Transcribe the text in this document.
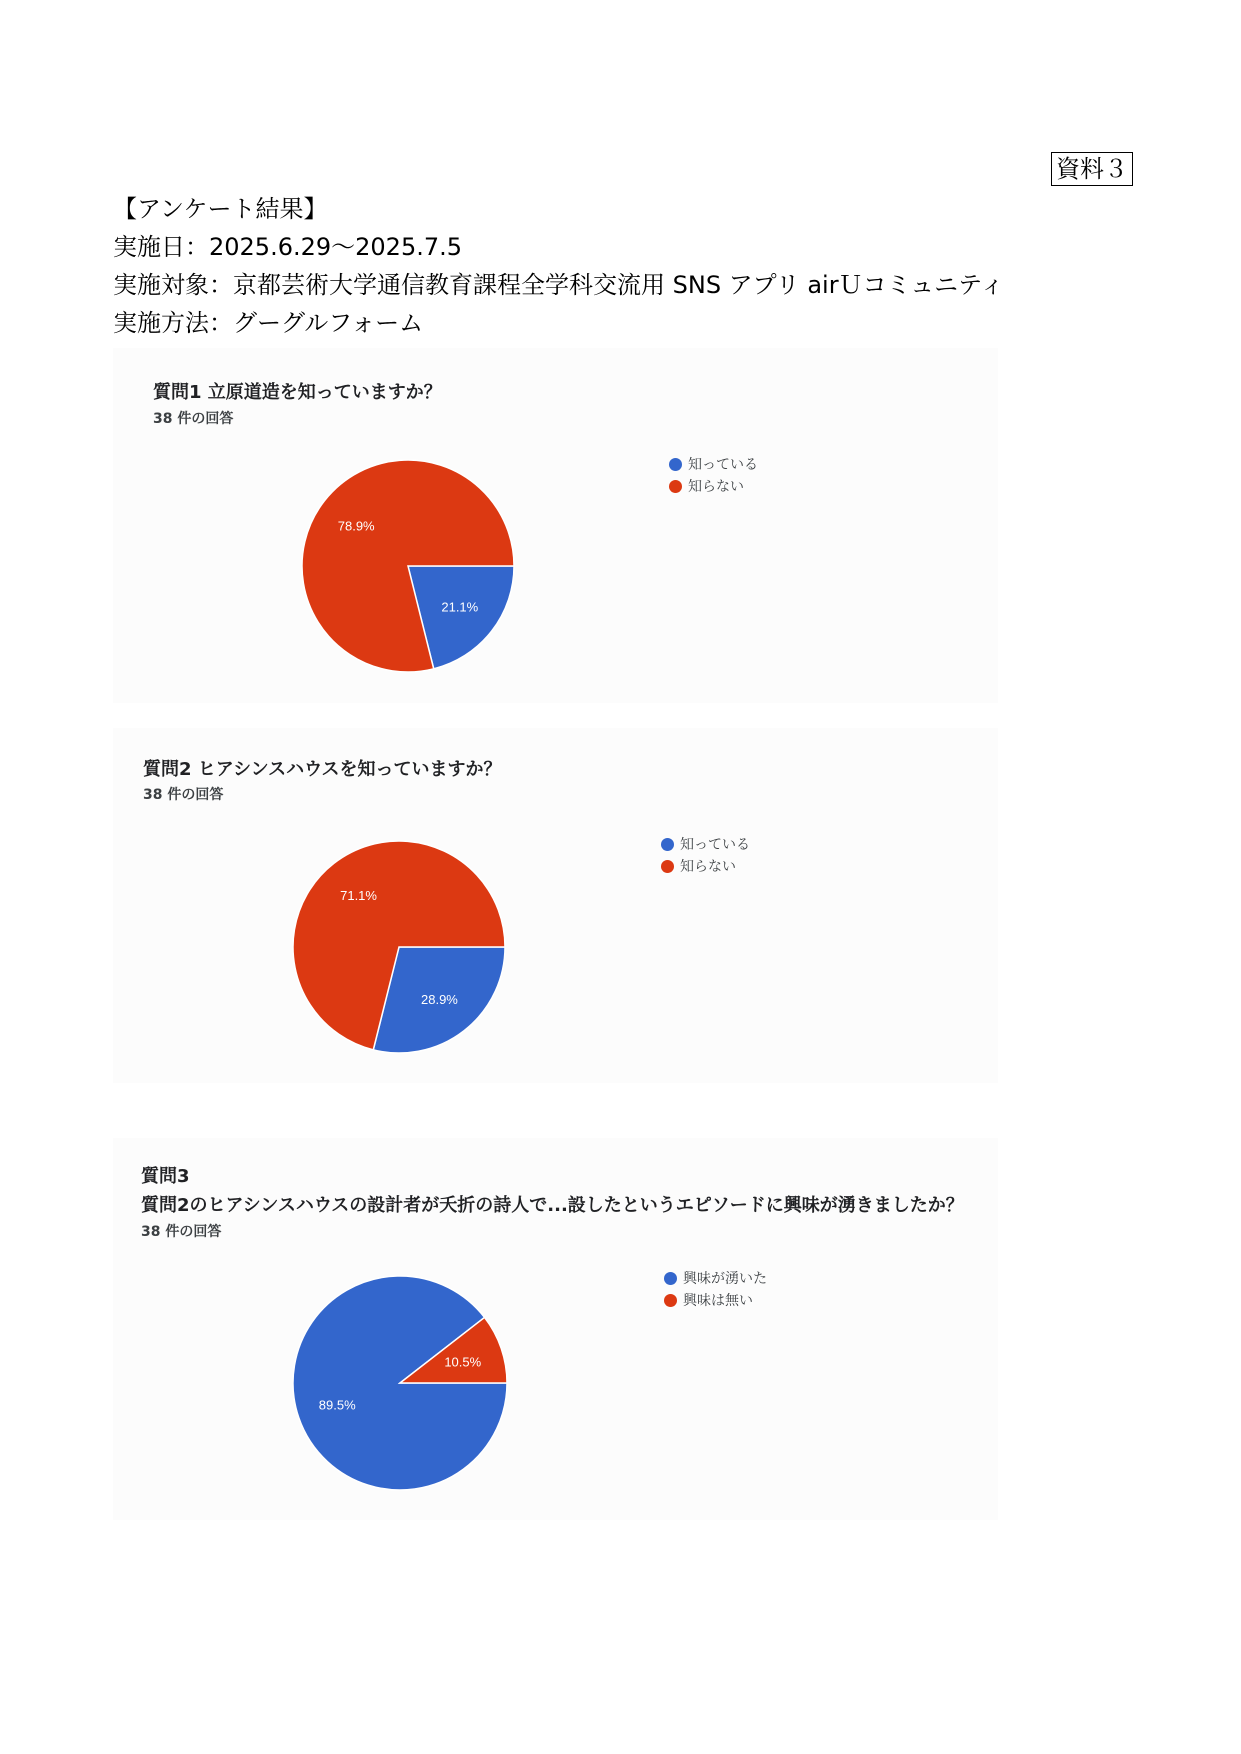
資料３
【アンケート結果】
実施日：2025.6.29～2025.7.5
実施対象：京都芸術大学通信教育課程全学科交流用 SNS アプリ airＵコミュニティ
実施方法：グーグルフォーム
質問1 立原道造を知っていますか？
38 件の回答
21.1%
78.9%
知っている
知らない
質問2 ヒアシンスハウスを知っていますか？
38 件の回答
28.9%
71.1%
知っている
知らない
質問3
質問2のヒアシンスハウスの設計者が夭折の詩人で...設したというエピソードに興味が湧きましたか？
38 件の回答
89.5%
10.5%
興味が湧いた
興味は無い
